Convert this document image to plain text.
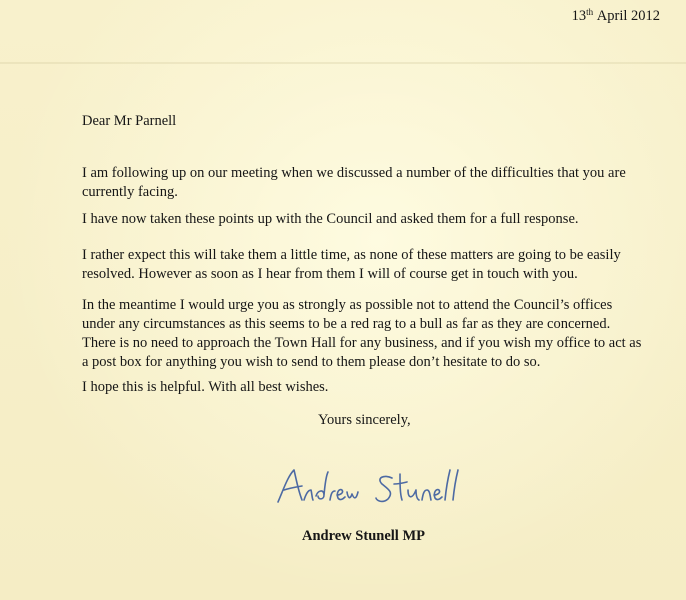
13th April 2012

Dear Mr Parnell

I am following up on our meeting when we discussed a number of the difficulties that you are currently facing.

I have now taken these points up with the Council and asked them for a full response.

I rather expect this will take them a little time, as none of these matters are going to be easily resolved. However as soon as I hear from them I will of course get in touch with you.

In the meantime I would urge you as strongly as possible not to attend the Council’s offices under any circumstances as this seems to be a red rag to a bull as far as they are concerned. There is no need to approach the Town Hall for any business, and if you wish my office to act as a post box for anything you wish to send to them please don’t hesitate to do so.

I hope this is helpful. With all best wishes.

Yours sincerely,

Andrew Stunell MP
